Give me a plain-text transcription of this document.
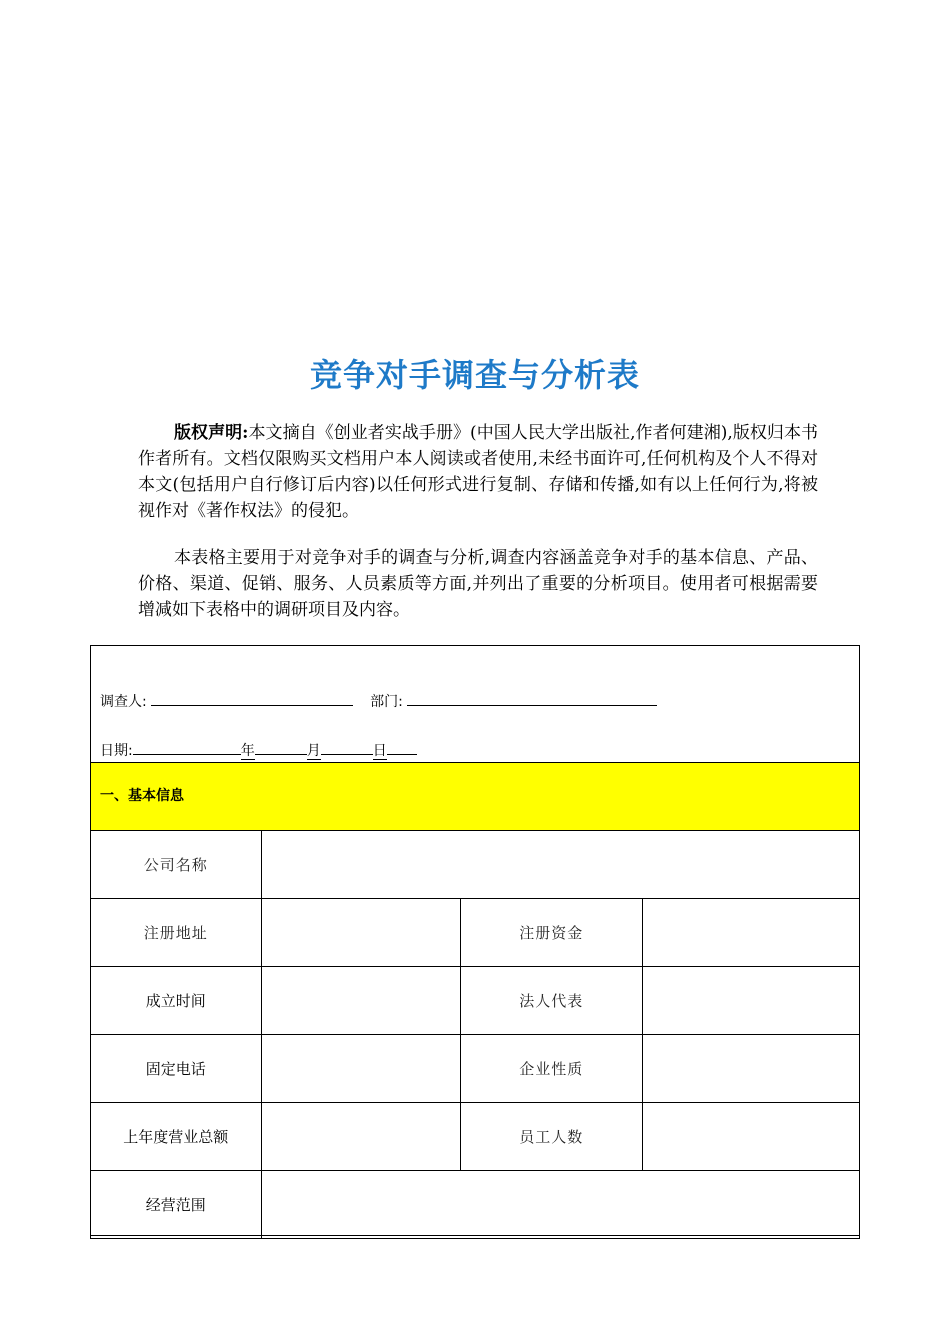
竞争对手调查与分析表

版权声明:本文摘自《创业者实战手册》(中国人民大学出版社,作者何建湘),版权归本书作者所有。文档仅限购买文档用户本人阅读或者使用,未经书面许可,任何机构及个人不得对本文(包括用户自行修订后内容)以任何形式进行复制、存储和传播,如有以上任何行为,将被视作对《著作权法》的侵犯。

本表格主要用于对竞争对手的调查与分析,调查内容涵盖竞争对手的基本信息、产品、价格、渠道、促销、服务、人员素质等方面,并列出了重要的分析项目。使用者可根据需要增减如下表格中的调研项目及内容。

调查人:	部门:
日期:	年	月	日
一、基本信息
公司名称			
注册地址		注册资金	
成立时间		法人代表	
固定电话		企业性质	
上年度营业总额		员工人数	
经营范围			
